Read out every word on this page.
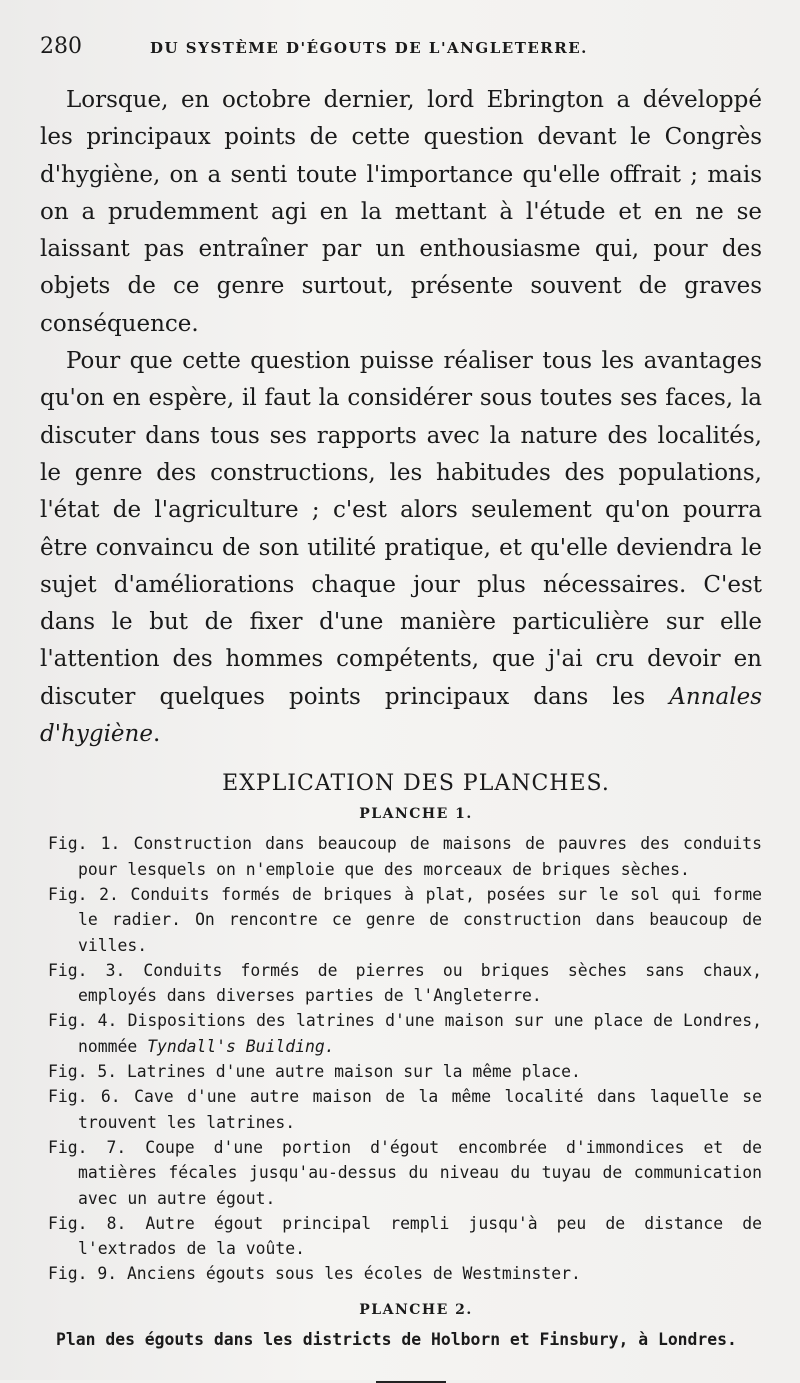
280	DU SYSTÈME D'ÉGOUTS DE L'ANGLETERRE.

Lorsque, en octobre dernier, lord Ebrington a développé les principaux points de cette question devant le Congrès d'hygiène, on a senti toute l'importance qu'elle offrait ; mais on a prudemment agi en la mettant à l'étude et en ne se laissant pas entraîner par un enthousiasme qui, pour des objets de ce genre surtout, présente souvent de graves conséquence.

Pour que cette question puisse réaliser tous les avantages qu'on en espère, il faut la considérer sous toutes ses faces, la discuter dans tous ses rapports avec la nature des localités, le genre des constructions, les habitudes des populations, l'état de l'agriculture ; c'est alors seulement qu'on pourra être convaincu de son utilité pratique, et qu'elle deviendra le sujet d'améliorations chaque jour plus nécessaires. C'est dans le but de fixer d'une manière particulière sur elle l'attention des hommes compétents, que j'ai cru devoir en discuter quelques points principaux dans les Annales d'hygiène.

EXPLICATION DES PLANCHES.
PLANCHE 1.
Fig. 1. Construction dans beaucoup de maisons de pauvres des conduits pour lesquels on n'emploie que des morceaux de briques sèches.
Fig. 2. Conduits formés de briques à plat, posées sur le sol qui forme le radier. On rencontre ce genre de construction dans beaucoup de villes.
Fig. 3. Conduits formés de pierres ou briques sèches sans chaux, employés dans diverses parties de l'Angleterre.
Fig. 4. Dispositions des latrines d'une maison sur une place de Londres, nommée Tyndall's Building.
Fig. 5. Latrines d'une autre maison sur la même place.
Fig. 6. Cave d'une autre maison de la même localité dans laquelle se trouvent les latrines.
Fig. 7. Coupe d'une portion d'égout encombrée d'immondices et de matières fécales jusqu'au-dessus du niveau du tuyau de communication avec un autre égout.
Fig. 8. Autre égout principal rempli jusqu'à peu de distance de l'extrados de la voûte.
Fig. 9. Anciens égouts sous les écoles de Westminster.
PLANCHE 2.

Plan des égouts dans les districts de Holborn et Finsbury, à Londres.
